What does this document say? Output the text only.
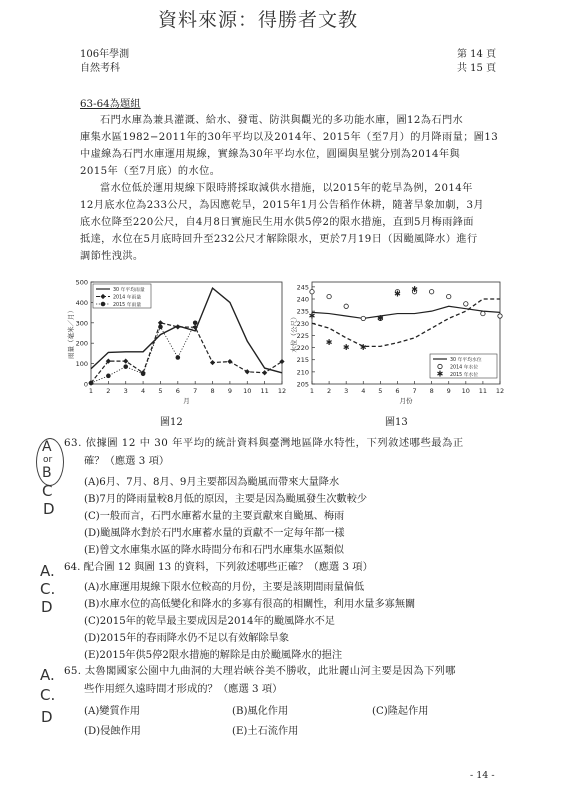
資料來源：得勝者文教
106年學測
自然考科
第 14 頁
共 15 頁
63-64為題組
石門水庫為兼具灌溉、給水、發電、防洪與觀光的多功能水庫，圖12為石門水
庫集水區1982−2011年的30年平均以及2014年、2015年（至7月）的月降雨量；圖13
中虛線為石門水庫運用規線，實線為30年平均水位，圓圈與星號分別為2014年與
2015年（至7月底）的水位。
當水位低於運用規線下限時將採取減供水措施，以2015年的乾旱為例，2014年
12月底水位為233公尺，為因應乾旱，2015年1月公告稻作休耕，隨著旱象加劇，3月
底水位降至220公尺，自4月8日實施民生用水供5停2的限水措施，直到5月梅雨鋒面
抵達，水位在5月底時回升至232公尺才解除限水，更於7月19日（因颱風降水）進行
調節性洩洪。
0
100
200
300
400
500
1 2 3 4 5 6 7 8 9 10 11 12
月
雨量（毫米／月）
30 年平均雨量
2014 年雨量
2015 年雨量
圖12
205
210
215
220
225
230
235
240
245
1 2 3 4 5 6 7 8 9 10 11 12
月份
水位（公尺） ✱
✱
✱ ✱
✱
✱
✱
30 年平均水位
2014 年水位
✱ 2015 年水位
圖13
A
or
B
C
D
63. 依據圖 12 中 30 年平均的統計資料與臺灣地區降水特性，下列敘述哪些最為正
確？（應選 3 項）
(A)6月、7月、8月、9月主要都因為颱風而帶來大量降水
(B)7月的降雨量較8月低的原因，主要是因為颱風發生次數較少
(C)一般而言，石門水庫蓄水量的主要貢獻來自颱風、梅雨
(D)颱風降水對於石門水庫蓄水量的貢獻不一定每年都一樣
(E)曾文水庫集水區的降水時間分布和石門水庫集水區類似
A.
C.
D
64. 配合圖 12 與圖 13 的資料，下列敘述哪些正確？（應選 3 項）
(A)水庫運用規線下限水位較高的月份，主要是該期間雨量偏低
(B)水庫水位的高低變化和降水的多寡有很高的相關性，利用水量多寡無關
(C)2015年的乾旱最主要成因是2014年的颱風降水不足
(D)2015年的春雨降水仍不足以有效解除旱象
(E)2015年供5停2限水措施的解除是由於颱風降水的挹注
A.
C.
D
65. 太魯閣國家公園中九曲洞的大理岩峽谷美不勝收，此壯麗山河主要是因為下列哪
些作用經久遠時間才形成的？（應選 3 項）
(A)變質作用	(B)風化作用	(C)隆起作用
(D)侵蝕作用	(E)土石流作用
- 14 -
